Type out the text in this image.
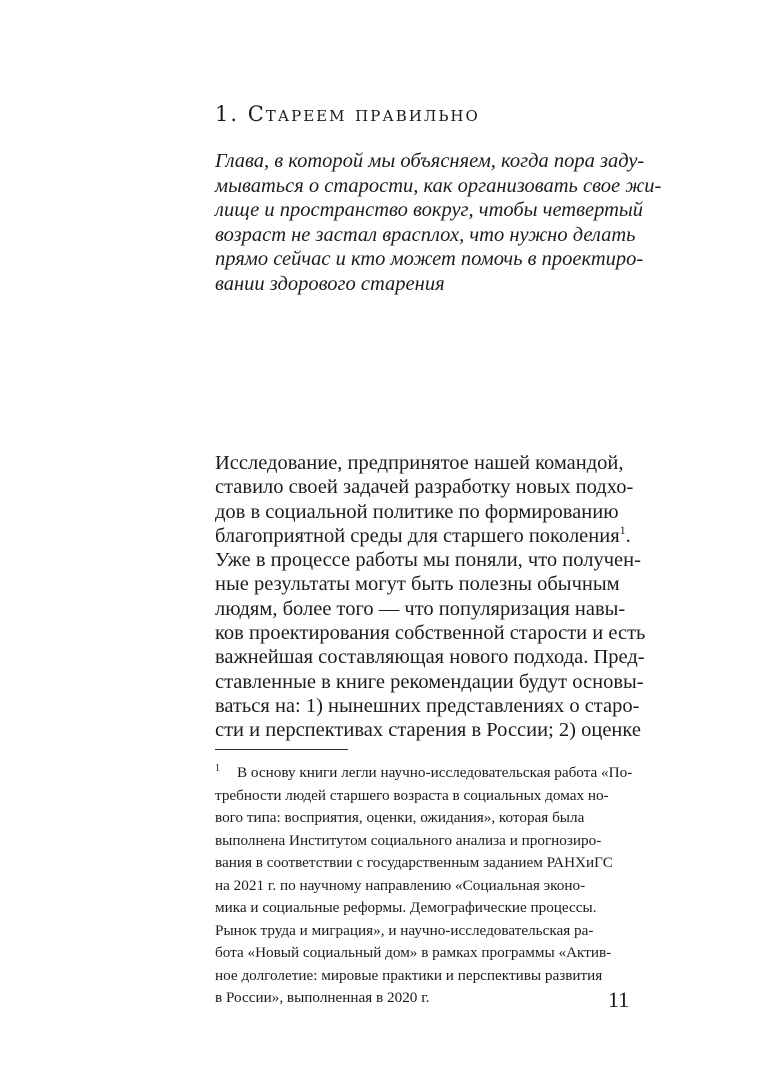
1. Стареем правильно

Глава, в которой мы объясняем, когда пора заду-
мываться о старости, как организовать свое жи-
лище и пространство вокруг, чтобы четвертый
возраст не застал врасплох, что нужно делать
прямо сейчас и кто может помочь в проектиро-
вании здорового старения

Исследование, предпринятое нашей командой,
ставило своей задачей разработку новых подхо-
дов в социальной политике по формированию
благоприятной среды для старшего поколения$^1$.
Уже в процессе работы мы поняли, что получен-
ные результаты могут быть полезны обычным
людям, более того — что популяризация навы-
ков проектирования собственной старости и есть
важнейшая составляющая нового подхода. Пред-
ставленные в книге рекомендации будут основы-
ваться на: 1) нынешних представлениях о старо-
сти и перспективах старения в России; 2) оценке

1 В основу книги легли научно-исследовательская работа «По-
требности людей старшего возраста в социальных домах но-
вого типа: восприятия, оценки, ожидания», которая была
выполнена Институтом социального анализа и прогнозиро-
вания в соответствии с государственным заданием РАНХиГС
на 2021 г. по научному направлению «Социальная эконо-
мика и социальные реформы. Демографические процессы.
Рынок труда и миграция», и научно-исследовательская ра-
бота «Новый социальный дом» в рамках программы «Актив-
ное долголетие: мировые практики и перспективы развития
в России», выполненная в 2020 г.	11
